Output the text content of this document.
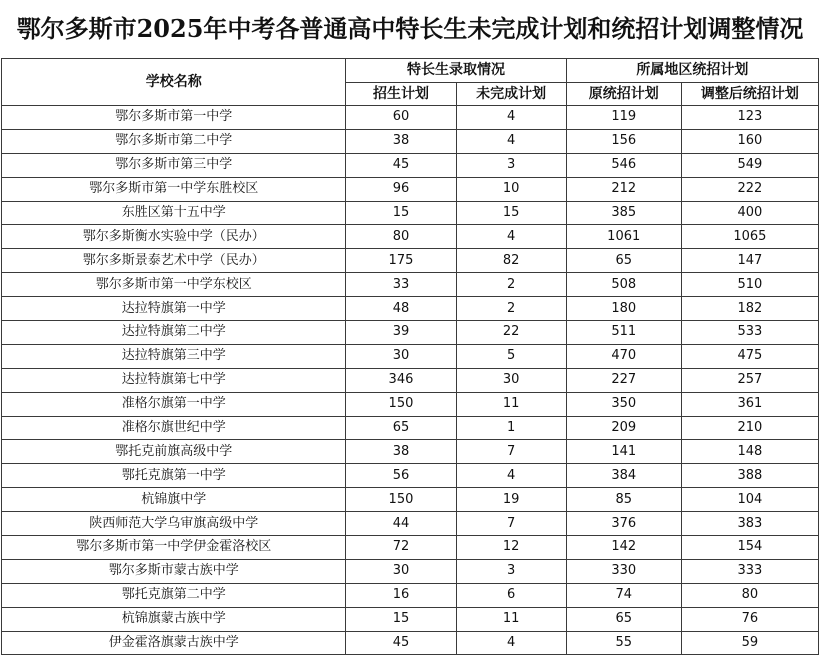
鄂尔多斯市2025年中考各普通高中特长生未完成计划和统招计划调整情况
学校名称	特长生录取情况		所属地区统招计划	
	招生计划	未完成计划	原统招计划	调整后统招计划
鄂尔多斯市第一中学	60	4	119	123
鄂尔多斯市第二中学	38	4	156	160
鄂尔多斯市第三中学	45	3	546	549
鄂尔多斯市第一中学东胜校区	96	10	212	222
东胜区第十五中学	15	15	385	400
鄂尔多斯衡水实验中学（民办）	80	4	1061	1065
鄂尔多斯景泰艺术中学（民办）	175	82	65	147
鄂尔多斯市第一中学东校区	33	2	508	510
达拉特旗第一中学	48	2	180	182
达拉特旗第二中学	39	22	511	533
达拉特旗第三中学	30	5	470	475
达拉特旗第七中学	346	30	227	257
准格尔旗第一中学	150	11	350	361
准格尔旗世纪中学	65	1	209	210
鄂托克前旗高级中学	38	7	141	148
鄂托克旗第一中学	56	4	384	388
杭锦旗中学	150	19	85	104
陕西师范大学乌审旗高级中学	44	7	376	383
鄂尔多斯市第一中学伊金霍洛校区	72	12	142	154
鄂尔多斯市蒙古族中学	30	3	330	333
鄂托克旗第二中学	16	6	74	80
杭锦旗蒙古族中学	15	11	65	76
伊金霍洛旗蒙古族中学	45	4	55	59
